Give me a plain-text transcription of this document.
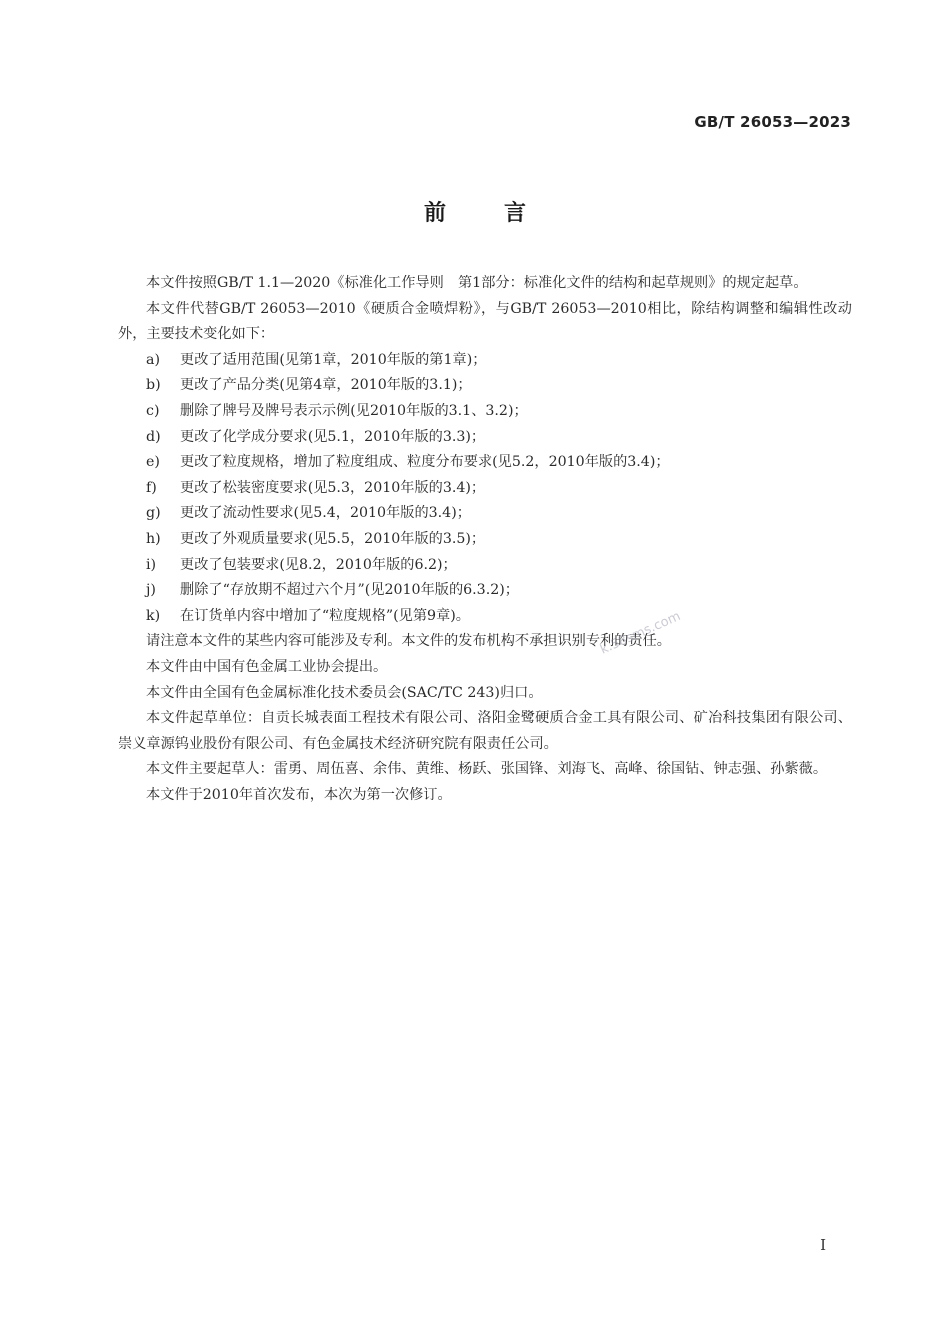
GB/T 26053—2023
前	言

本文件按照GB/T 1.1—2020《标准化工作导则　第1部分：标准化文件的结构和起草规则》的规定起草。

本文件代替GB/T 26053—2010《硬质合金喷焊粉》，与GB/T 26053—2010相比，除结构调整和编辑性改动外，主要技术变化如下：

a) 更改了适用范围(见第1章，2010年版的第1章)；

b) 更改了产品分类(见第4章，2010年版的3.1)；

c) 删除了牌号及牌号表示示例(见2010年版的3.1、3.2)；

d) 更改了化学成分要求(见5.1，2010年版的3.3)；

e) 更改了粒度规格，增加了粒度组成、粒度分布要求(见5.2，2010年版的3.4)；

f) 更改了松装密度要求(见5.3，2010年版的3.4)；

g) 更改了流动性要求(见5.4，2010年版的3.4)；

h) 更改了外观质量要求(见5.5，2010年版的3.5)；

i) 更改了包装要求(见8.2，2010年版的6.2)；

j) 删除了“存放期不超过六个月”(见2010年版的6.3.2)；

k) 在订货单内容中增加了“粒度规格”(见第9章)。

请注意本文件的某些内容可能涉及专利。本文件的发布机构不承担识别专利的责任。

本文件由中国有色金属工业协会提出。

本文件由全国有色金属标准化技术委员会(SAC/TC 243)归口。

本文件起草单位：自贡长城表面工程技术有限公司、洛阳金鹭硬质合金工具有限公司、矿冶科技集团有限公司、崇义章源钨业股份有限公司、有色金属技术经济研究院有限责任公司。

本文件主要起草人：雷勇、周伍喜、余伟、黄维、杨跃、张国锋、刘海飞、高峰、徐国钻、钟志强、孙紫薇。

本文件于2010年首次发布，本次为第一次修订。

k.58sms.com
I
